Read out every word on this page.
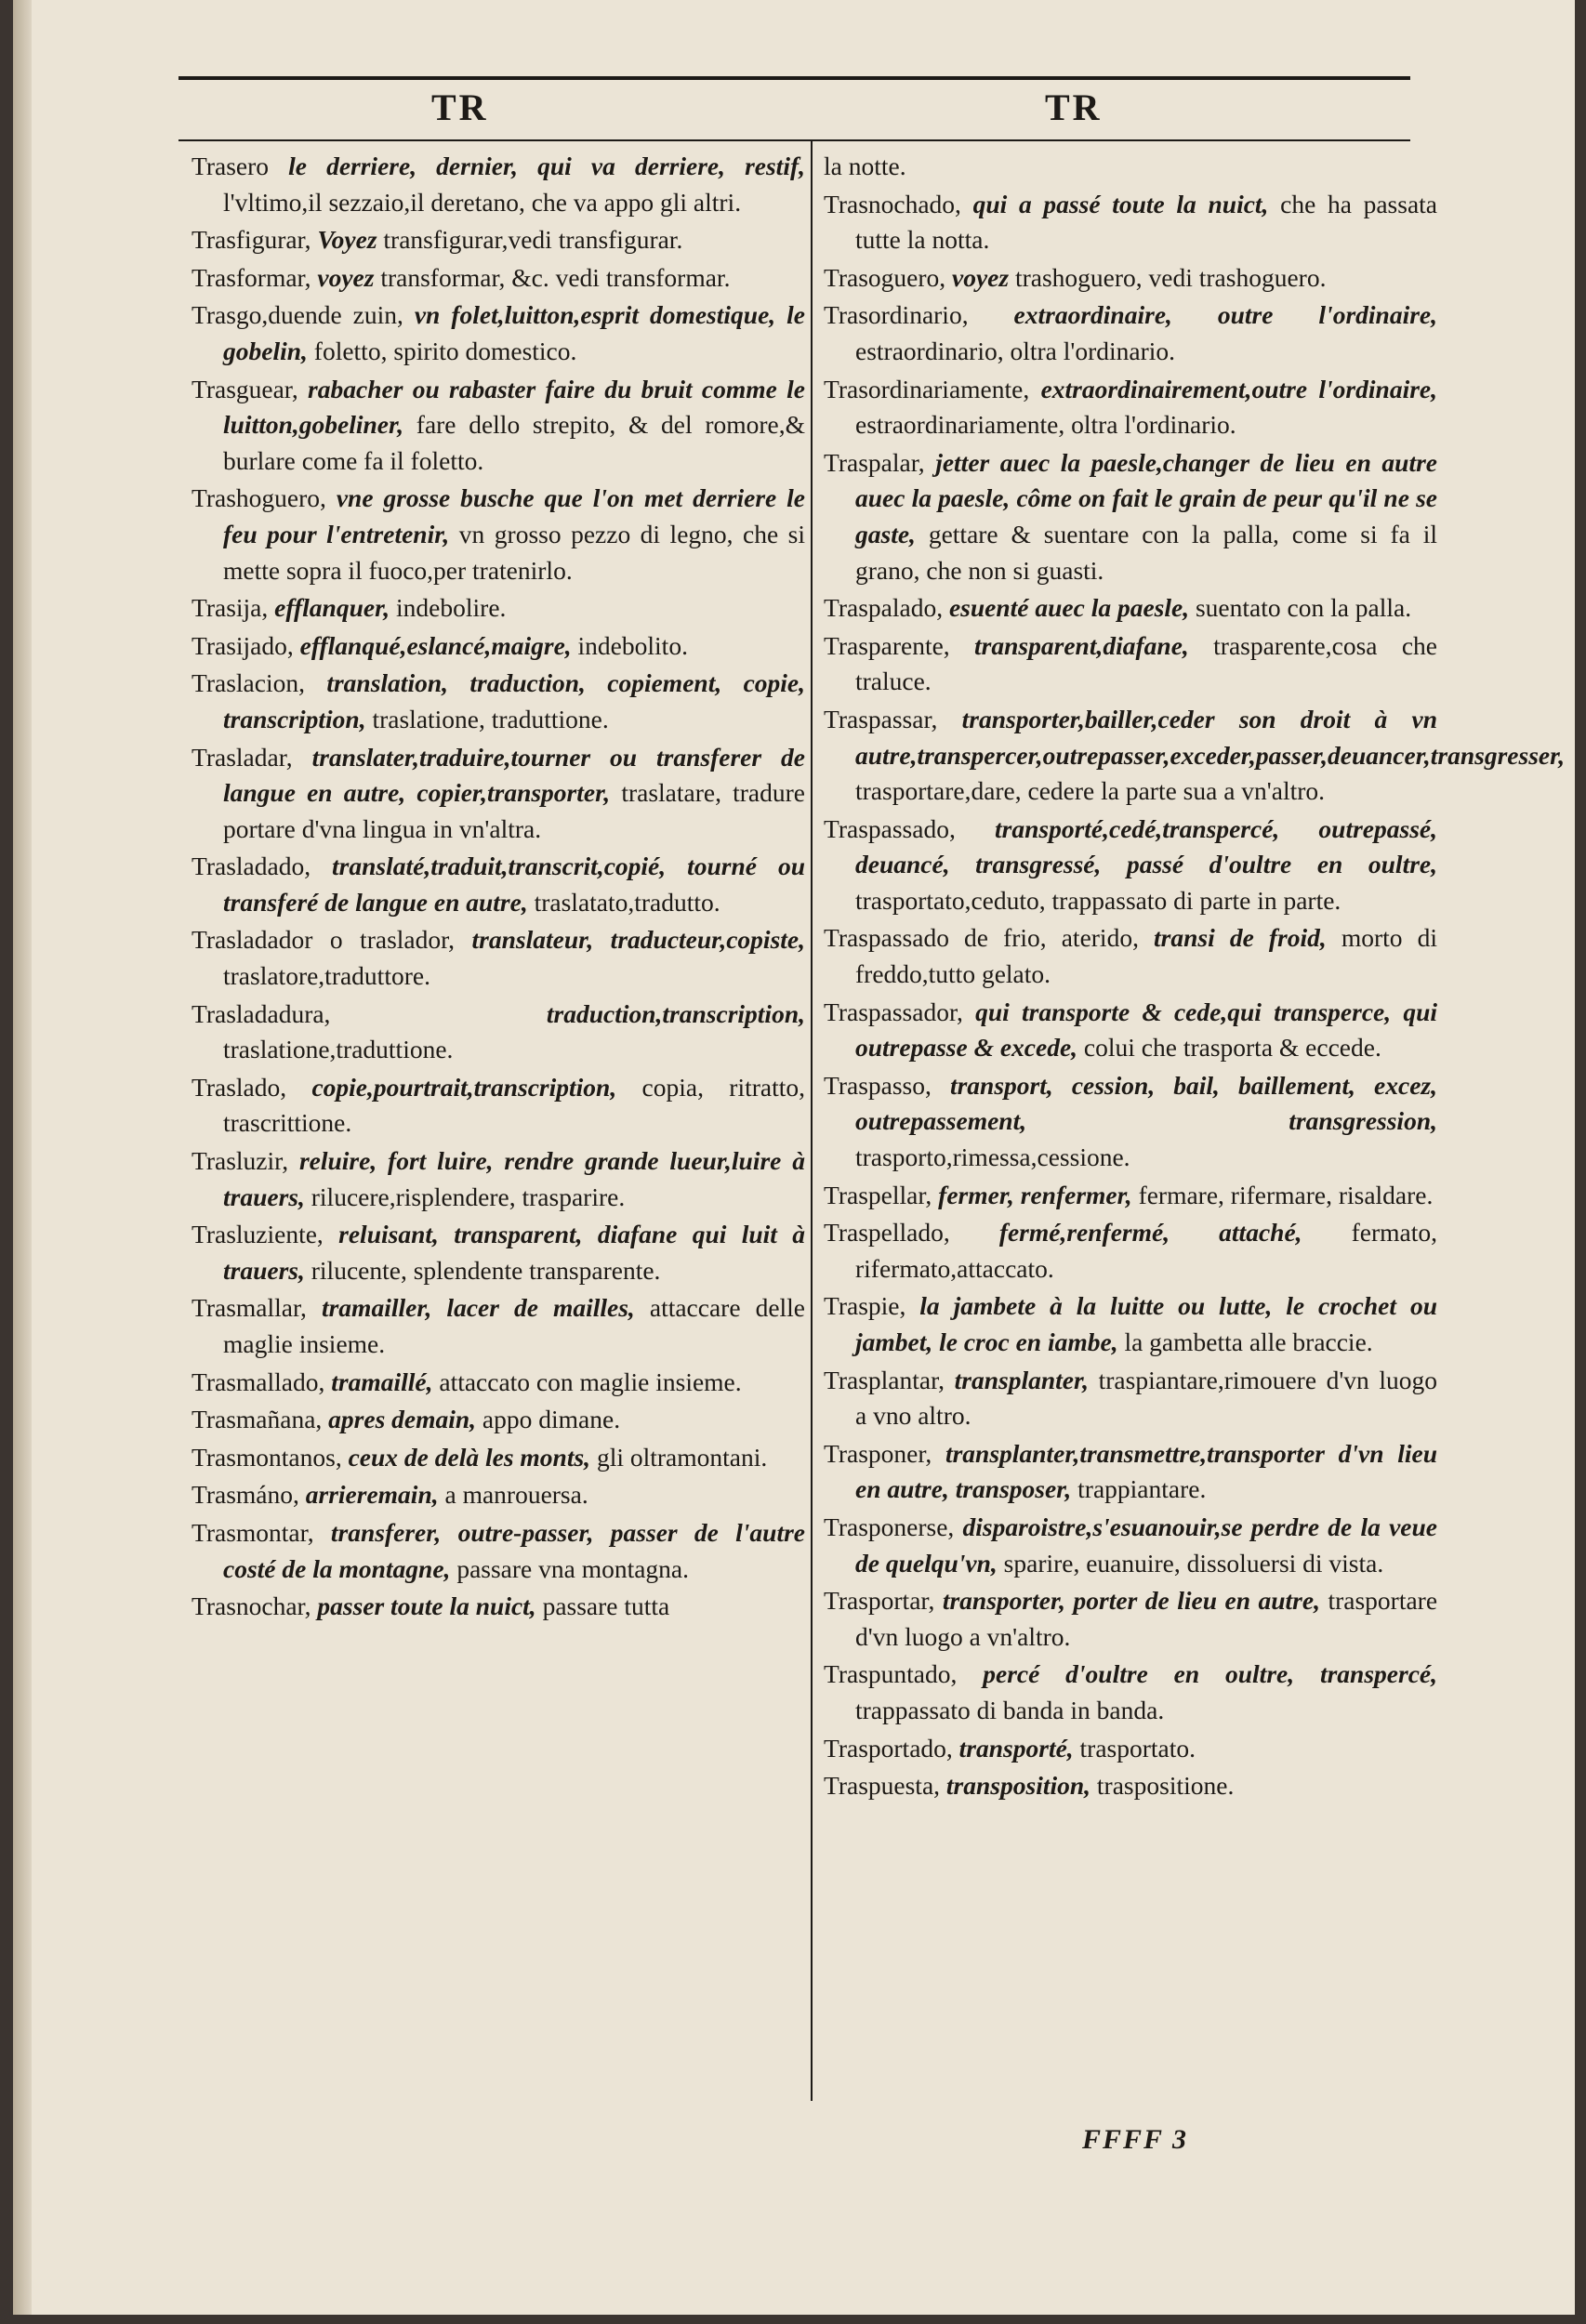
TR	TR

Trasero le derriere, dernier, qui va derriere, restif, l'vltimo,il sezzaio,il deretano, che va appo gli altri.

Trasfigurar, Voyez transfigurar,vedi transfigurar.

Trasformar, voyez transformar, &c. vedi transformar.

Trasgo,duende zuin, vn folet,luitton,esprit domestique, le gobelin, foletto, spirito domestico.

Trasguear, rabacher ou rabaster faire du bruit comme le luitton,gobeliner, fare dello strepito, & del romore,& burlare come fa il foletto.

Trashoguero, vne grosse busche que l'on met derriere le feu pour l'entretenir, vn grosso pezzo di legno, che si mette sopra il fuoco,per tratenirlo.

Trasija, efflanquer, indebolire.

Trasijado, efflanqué,eslancé,maigre, indebolito.

Traslacion, translation, traduction, copiement, copie, transcription, traslatione, traduttione.

Trasladar, translater,traduire,tourner ou transferer de langue en autre, copier,transporter, traslatare, tradure portare d'vna lingua in vn'altra.

Trasladado, translaté,traduit,transcrit,copié, tourné ou transferé de langue en autre, traslatato,tradutto.

Trasladador o traslador, translateur, traducteur,copiste, traslatore,traduttore.

Trasladadura,	traduction,transcription, traslatione,traduttione.

Traslado, copie,pourtrait,transcription, copia, ritratto, trascrittione.

Trasluzir, reluire, fort luire, rendre grande lueur,luire à trauers, rilucere,risplendere, trasparire.

Trasluziente, reluisant, transparent, diafane qui luit à trauers, rilucente, splendente transparente.

Trasmallar, tramailler, lacer de mailles, attaccare delle maglie insieme.

Trasmallado, tramaillé, attaccato con maglie insieme.

Trasmañana, apres demain, appo dimane.

Trasmontanos, ceux de delà les monts, gli oltramontani.

Trasmáno, arrieremain, a manrouersa.

Trasmontar, transferer, outre-passer, passer de l'autre costé de la montagne, passare vna montagna.

Trasnochar, passer toute la nuict, passare tutta

la notte.

Trasnochado, qui a passé toute la nuict, che ha passata tutte la notta.

Trasoguero, voyez trashoguero, vedi trashoguero.

Trasordinario, extraordinaire, outre l'ordinaire, estraordinario, oltra l'ordinario.

Trasordinariamente, extraordinairement,outre l'ordinaire, estraordinariamente, oltra l'ordinario.

Traspalar, jetter auec la paesle,changer de lieu en autre auec la paesle, côme on fait le grain de peur qu'il ne se gaste, gettare & suentare con la palla, come si fa il grano, che non si guasti.

Traspalado, esuenté auec la paesle, suentato con la palla.

Trasparente, transparent,diafane, trasparente,cosa che traluce.

Traspassar, transporter,bailler,ceder son droit à vn autre,transpercer,outrepasser,exceder,passer,deuancer,transgresser, trasportare,dare, cedere la parte sua a vn'altro.

Traspassado, transporté,cedé,transpercé, outrepassé, deuancé, transgressé, passé d'oultre en oultre, trasportato,ceduto, trappassato di parte in parte.

Traspassado de frio, aterido, transi de froid, morto di freddo,tutto gelato.

Traspassador, qui transporte & cede,qui transperce, qui outrepasse & excede, colui che trasporta & eccede.

Traspasso, transport, cession, bail, baillement, excez, outrepassement, transgression, trasporto,rimessa,cessione.

Traspellar, fermer, renfermer, fermare, rifermare, risaldare.

Traspellado, fermé,renfermé, attaché, fermato, rifermato,attaccato.

Traspie, la jambete à la luitte ou lutte, le crochet ou jambet, le croc en iambe, la gambetta alle braccie.

Trasplantar, transplanter, traspiantare,rimouere d'vn luogo a vno altro.

Trasponer, transplanter,transmettre,transporter d'vn lieu en autre, transposer, trappiantare.

Trasponerse, disparoistre,s'esuanouir,se perdre de la veue de quelqu'vn, sparire, euanuire, dissoluersi di vista.

Trasportar, transporter, porter de lieu en autre, trasportare d'vn luogo a vn'altro.

Traspuntado, percé d'oultre en oultre, transpercé, trappassato di banda in banda.

Trasportado, transporté, trasportato.

Traspuesta, transposition, traspositione.

FFFF 3
